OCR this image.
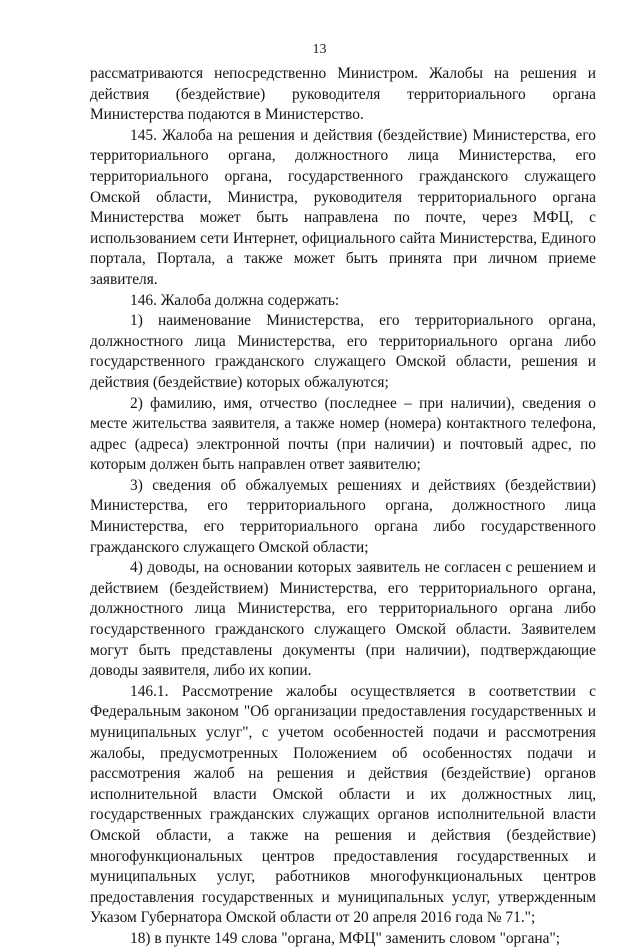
13

рассматриваются непосредственно Министром. Жалобы на решения и действия (бездействие) руководителя территориального органа Министерства подаются в Министерство.

145. Жалоба на решения и действия (бездействие) Министерства, его территориального органа, должностного лица Министерства, его территориального органа, государственного гражданского служащего Омской области, Министра, руководителя территориального органа Министерства может быть направлена по почте, через МФЦ, с использованием сети Интернет, официального сайта Министерства, Единого портала, Портала, а также может быть принята при личном приеме заявителя.

146. Жалоба должна содержать:

1) наименование Министерства, его территориального органа, должностного лица Министерства, его территориального органа либо государственного гражданского служащего Омской области, решения и действия (бездействие) которых обжалуются;

2) фамилию, имя, отчество (последнее – при наличии), сведения о месте жительства заявителя, а также номер (номера) контактного телефона, адрес (адреса) электронной почты (при наличии) и почтовый адрес, по которым должен быть направлен ответ заявителю;

3) сведения об обжалуемых решениях и действиях (бездействии) Министерства, его территориального органа, должностного лица Министерства, его территориального органа либо государственного гражданского служащего Омской области;

4) доводы, на основании которых заявитель не согласен с решением и действием (бездействием) Министерства, его территориального органа, должностного лица Министерства, его территориального органа либо государственного гражданского служащего Омской области. Заявителем могут быть представлены документы (при наличии), подтверждающие доводы заявителя, либо их копии.

146.1. Рассмотрение жалобы осуществляется в соответствии с Федеральным законом "Об организации предоставления государственных и муниципальных услуг", с учетом особенностей подачи и рассмотрения жалобы, предусмотренных Положением об особенностях подачи и рассмотрения жалоб на решения и действия (бездействие) органов исполнительной власти Омской области и их должностных лиц, государственных гражданских служащих органов исполнительной власти Омской области, а также на решения и действия (бездействие) многофункциональных центров предоставления государственных и муниципальных услуг, работников многофункциональных центров предоставления государственных и муниципальных услуг, утвержденным Указом Губернатора Омской области от 20 апреля 2016 года № 71.";

18) в пункте 149 слова "органа, МФЦ" заменить словом "органа";
